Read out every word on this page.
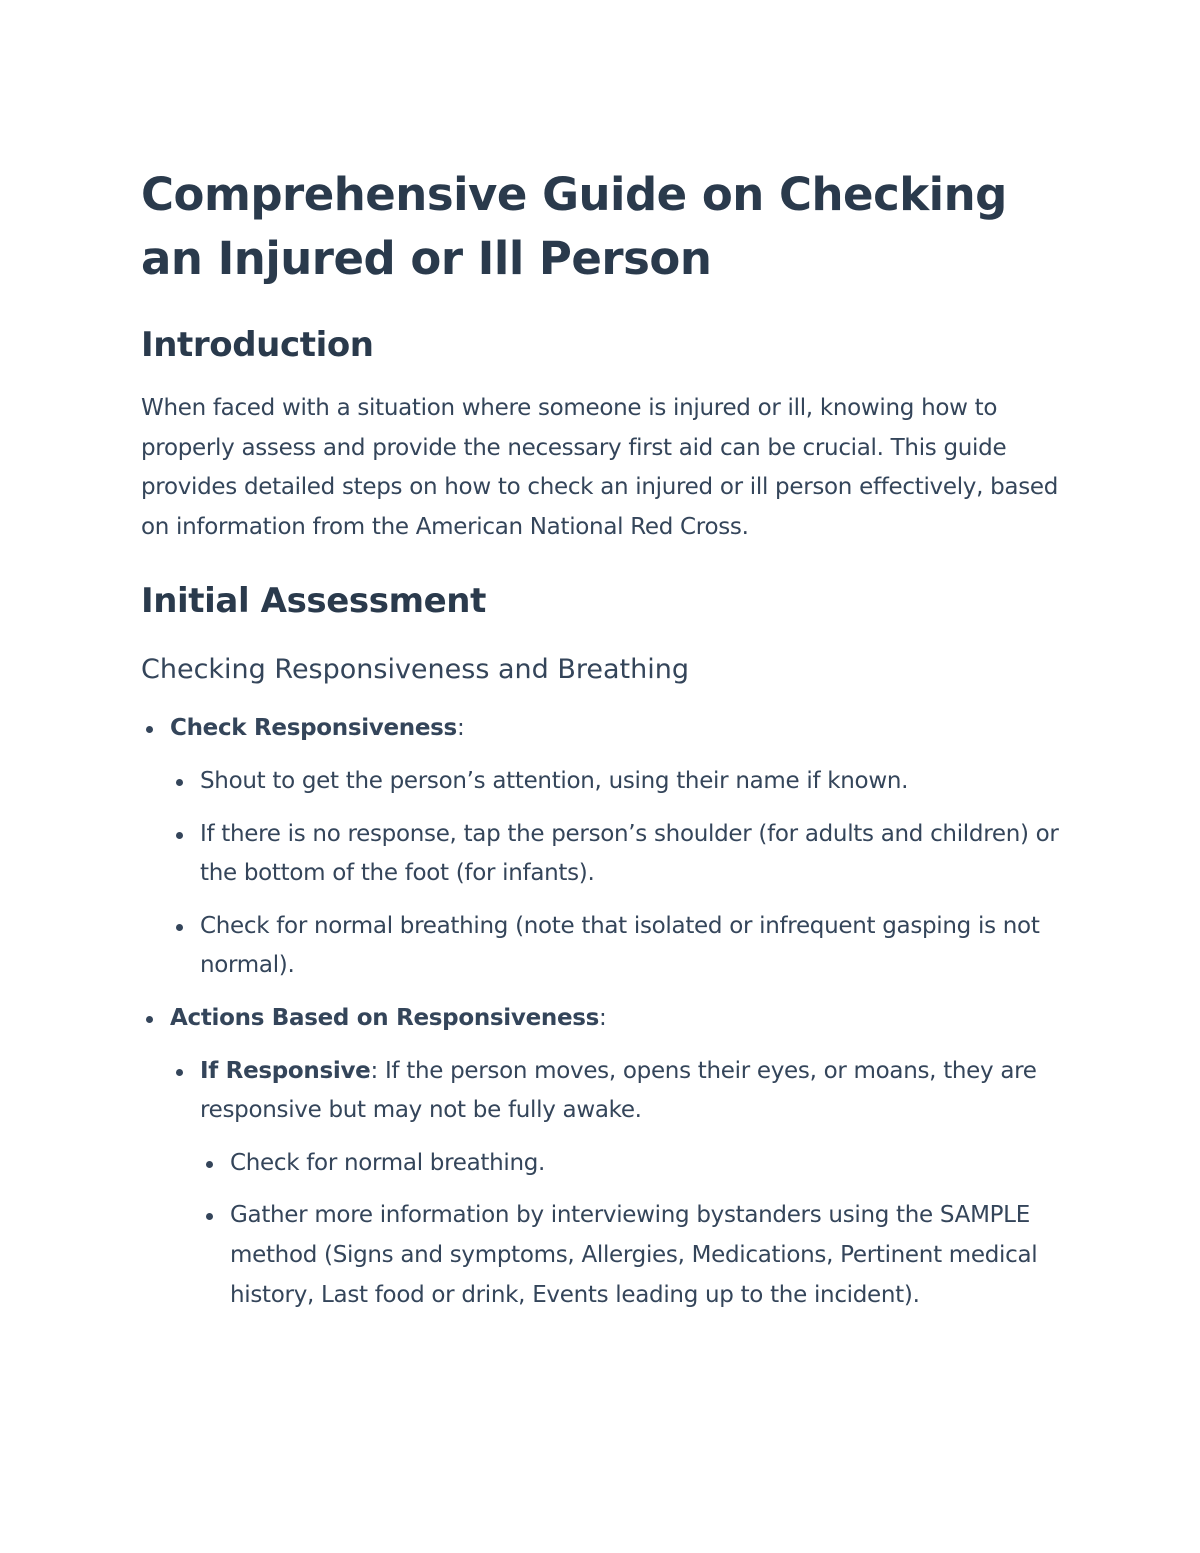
Comprehensive Guide on Checking an Injured or Ill Person
Introduction

When faced with a situation where someone is injured or ill, knowing how to properly assess and provide the necessary first aid can be crucial. This guide provides detailed steps on how to check an injured or ill person effectively, based on information from the American National Red Cross.

Initial Assessment
Checking Responsiveness and Breathing
Check Responsiveness:
Shout to get the person’s attention, using their name if known.
If there is no response, tap the person’s shoulder (for adults and children) or the bottom of the foot (for infants).
Check for normal breathing (note that isolated or infrequent gasping is not normal).
Actions Based on Responsiveness:
If Responsive: If the person moves, opens their eyes, or moans, they are responsive but may not be fully awake.
Check for normal breathing.
Gather more information by interviewing bystanders using the SAMPLE method (Signs and symptoms, Allergies, Medications, Pertinent medical history, Last food or drink, Events leading up to the incident).
